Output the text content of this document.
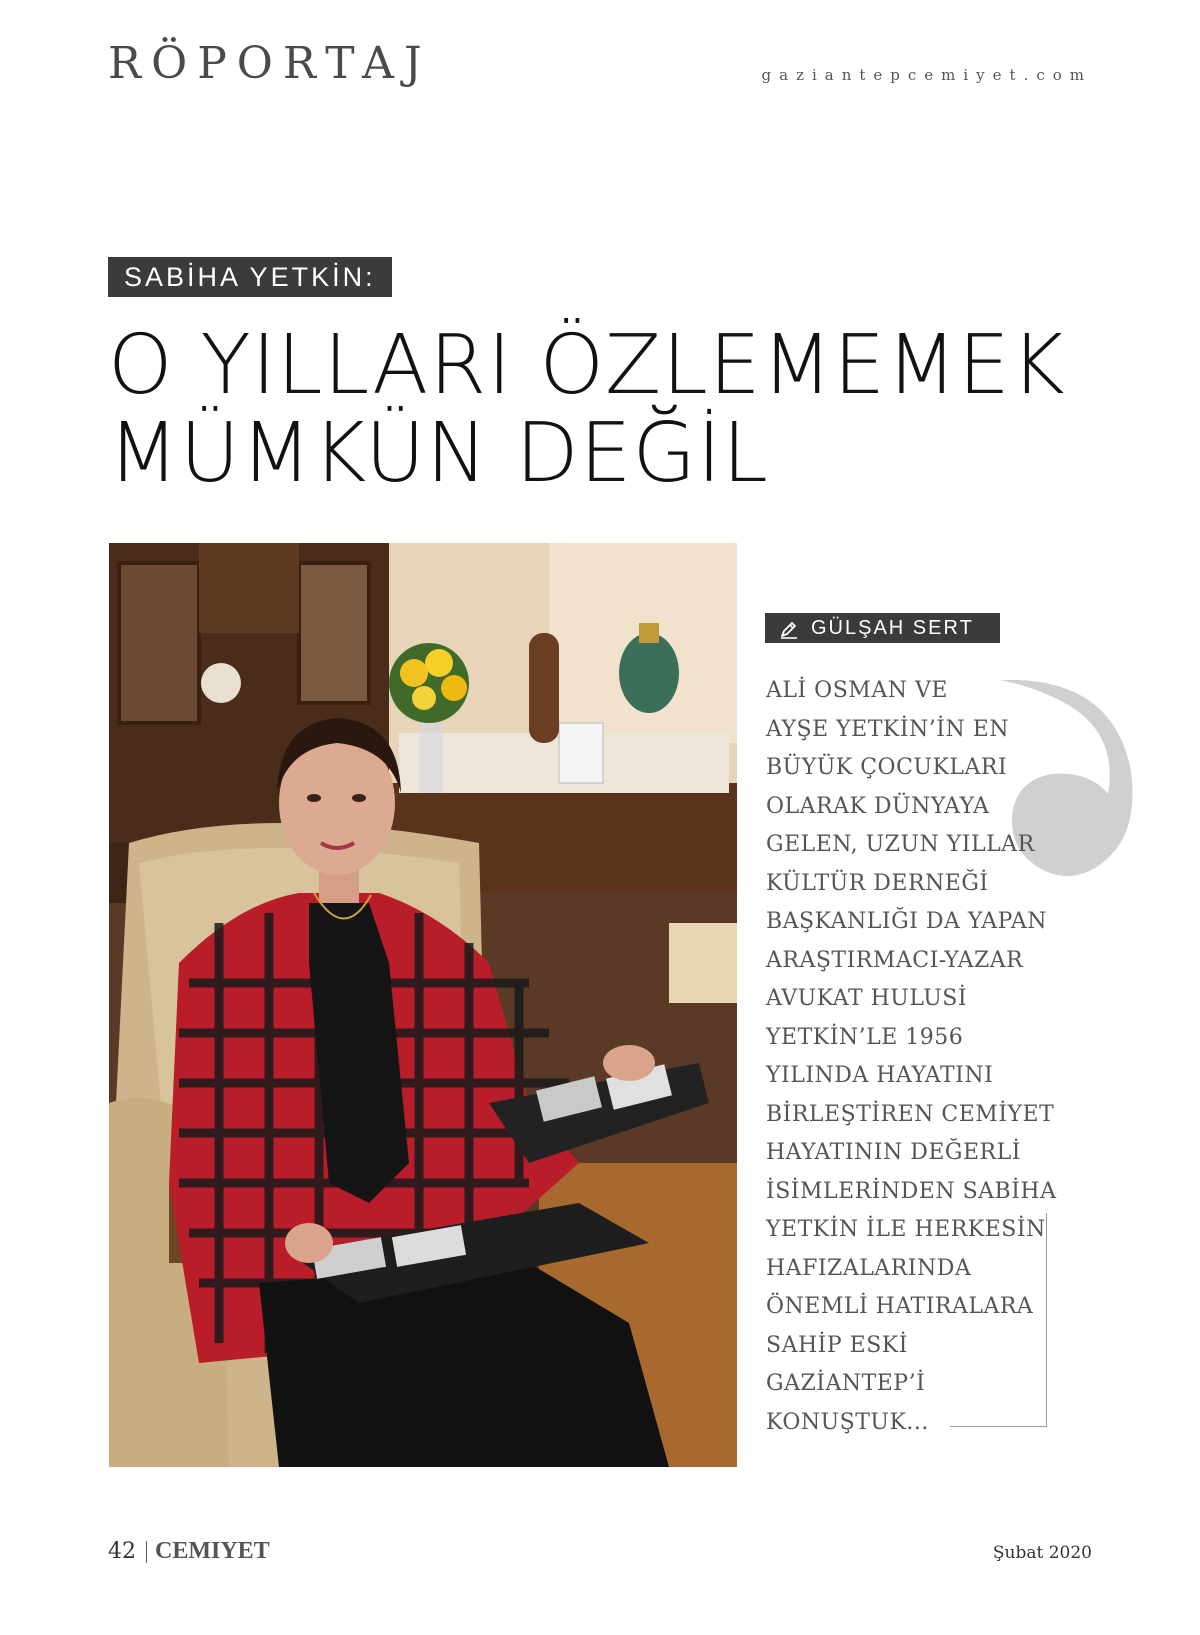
RÖPORTAJ	gaziantepcemiyet.com
SABİHA YETKİN:
O YILLARI ÖZLEMEMEK
MÜMKÜN DEĞİL
GÜLŞAH SERT

ALİ OSMAN VE
AYŞE YETKİN’İN EN
BÜYÜK ÇOCUKLARI
OLARAK DÜNYAYA
GELEN, UZUN YILLAR
KÜLTÜR DERNEĞİ
BAŞKANLIĞI DA YAPAN
ARAŞTIRMACI-YAZAR
AVUKAT HULUSİ
YETKİN’LE 1956
YILINDA HAYATINI
BİRLEŞTİREN CEMİYET
HAYATININ DEĞERLİ
İSİMLERİNDEN SABİHA
YETKİN İLE HERKESİN
HAFIZALARINDA
ÖNEMLİ HATIRALARA
SAHİP ESKİ
GAZİANTEP’İ
KONUŞTUK...

42 CEMIYET	Şubat 2020
